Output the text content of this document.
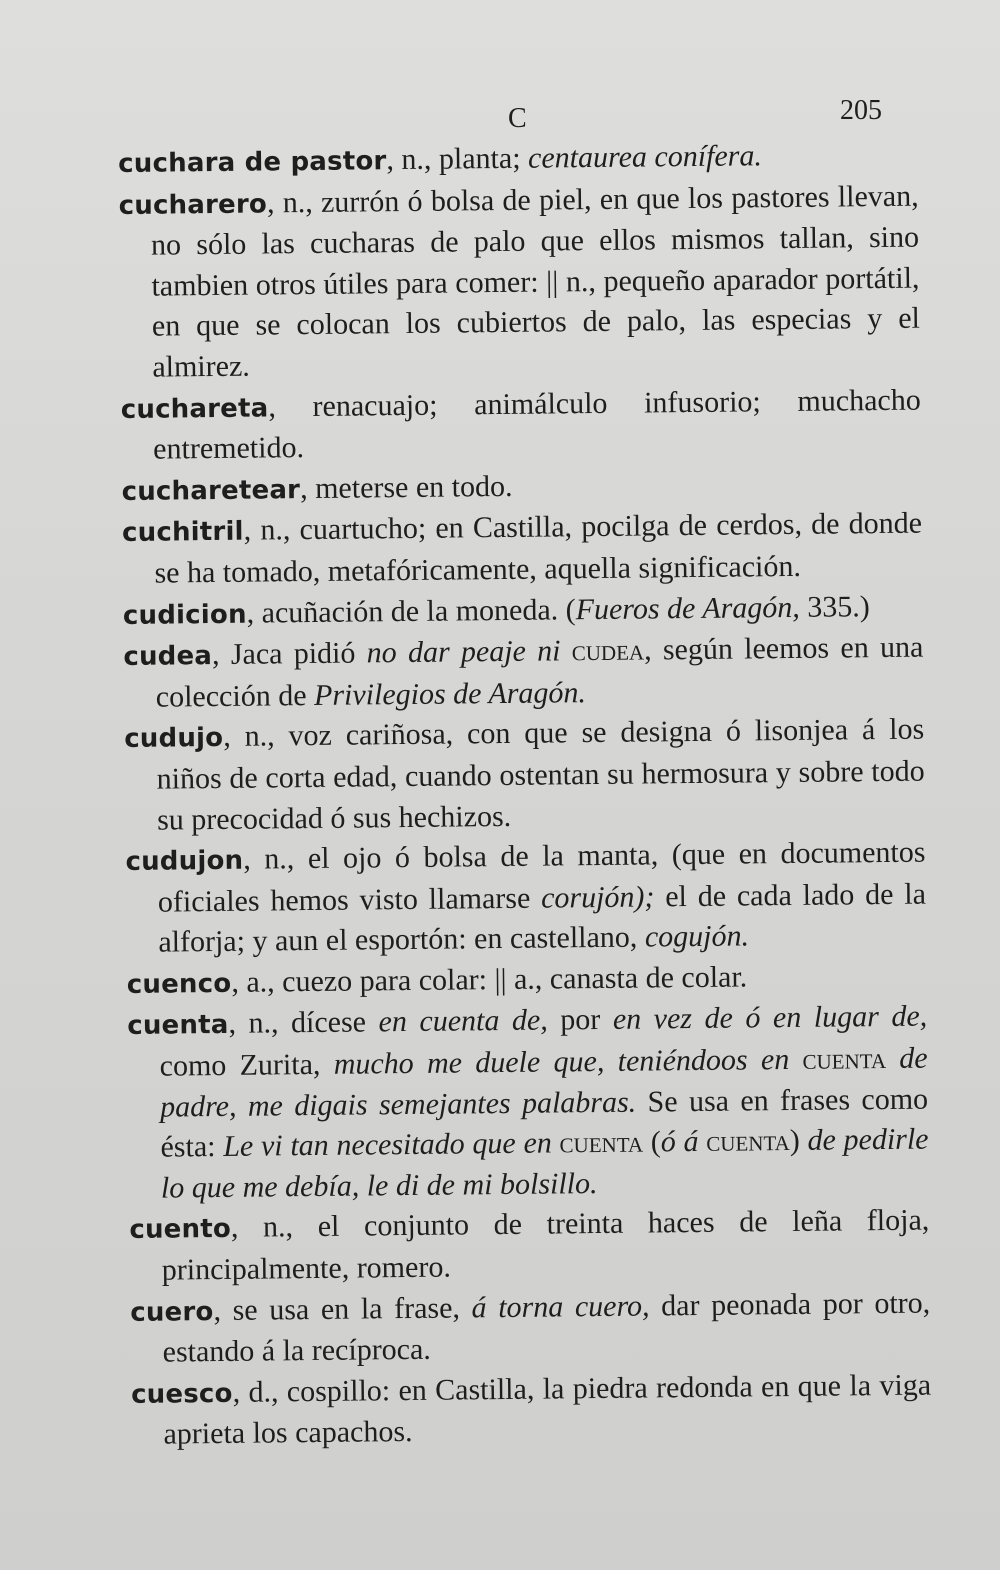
C	205

cuchara de pastor, n., planta; centaurea conífera.

cucharero, n., zurrón ó bolsa de piel, en que los pastores llevan, no sólo las cucharas de palo que ellos mismos tallan, sino tambien otros útiles para comer: || n., pequeño aparador portátil, en que se colocan los cubiertos de palo, las especias y el almirez.

cuchareta, renacuajo; animálculo infusorio; muchacho entremetido.

cucharetear, meterse en todo.

cuchitril, n., cuartucho; en Castilla, pocilga de cerdos, de donde se ha tomado, metafóricamente, aquella significación.

cudicion, acuñación de la moneda. (Fueros de Aragón, 335.)

cudea, Jaca pidió no dar peaje ni cudea, según leemos en una colección de Privilegios de Aragón.

cudujo, n., voz cariñosa, con que se designa ó lisonjea á los niños de corta edad, cuando ostentan su hermosura y sobre todo su precocidad ó sus hechizos.

cudujon, n., el ojo ó bolsa de la manta, (que en documentos oficiales hemos visto llamarse corujón); el de cada lado de la alforja; y aun el esportón: en castellano, cogujón.

cuenco, a., cuezo para colar: || a., canasta de colar.

cuenta, n., dícese en cuenta de, por en vez de ó en lugar de, como Zurita, mucho me duele que, teniéndoos en cuenta de padre, me digais semejantes palabras. Se usa en frases como ésta: Le vi tan necesitado que en cuenta (ó á cuenta) de pedirle lo que me debía, le di de mi bolsillo.

cuento, n., el conjunto de treinta haces de leña floja, principalmente, romero.

cuero, se usa en la frase, á torna cuero, dar peonada por otro, estando á la recíproca.

cuesco, d., cospillo: en Castilla, la piedra redonda en que la viga aprieta los capachos.
